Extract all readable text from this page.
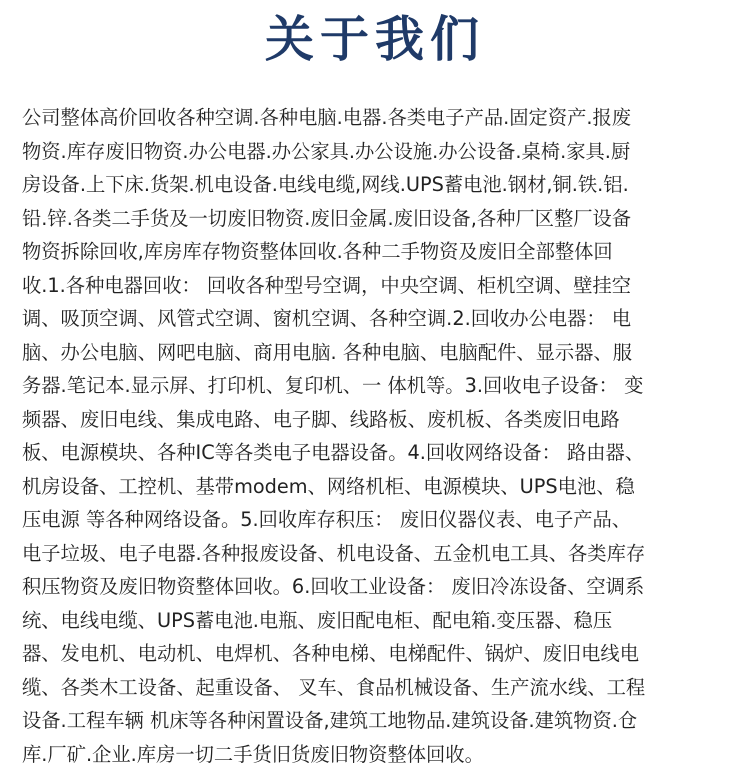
关于我们
公司整体高价回收各种空调.各种电脑.电器.各类电子产品.固定资产.报废
物资.库存废旧物资.办公电器.办公家具.办公设施.办公设备.桌椅.家具.厨
房设备.上下床.货架.机电设备.电线电缆,网线.UPS蓄电池.钢材,铜.铁.铝.
铅.锌.各类二手货及一切废旧物资.废旧金属.废旧设备,各种厂区整厂设备
物资拆除回收,库房库存物资整体回收.各种二手物资及废旧全部整体回
收.1.各种电器回收： 回收各种型号空调，中央空调、柜机空调、壁挂空
调、吸顶空调、风管式空调、窗机空调、各种空调.2.回收办公电器： 电
脑、办公电脑、网吧电脑、商用电脑. 各种电脑、电脑配件、显示器、服
务器.笔记本.显示屏、打印机、复印机、一 体机等。3.回收电子设备： 变
频器、废旧电线、集成电路、电子脚、线路板、废机板、各类废旧电路
板、电源模块、各种IC等各类电子电器设备。4.回收网络设备： 路由器、
机房设备、工控机、基带modem、网络机柜、电源模块、UPS电池、稳
压电源 等各种网络设备。5.回收库存积压： 废旧仪器仪表、电子产品、
电子垃圾、电子电器.各种报废设备、机电设备、五金机电工具、各类库存
积压物资及废旧物资整体回收。6.回收工业设备： 废旧冷冻设备、空调系
统、电线电缆、UPS蓄电池.电瓶、废旧配电柜、配电箱.变压器、稳压
器、发电机、电动机、电焊机、各种电梯、电梯配件、锅炉、废旧电线电
缆、各类木工设备、起重设备、 叉车、食品机械设备、生产流水线、工程
设备.工程车辆 机床等各种闲置设备,建筑工地物品.建筑设备.建筑物资.仓
库.厂矿.企业.库房一切二手货旧货废旧物资整体回收。
